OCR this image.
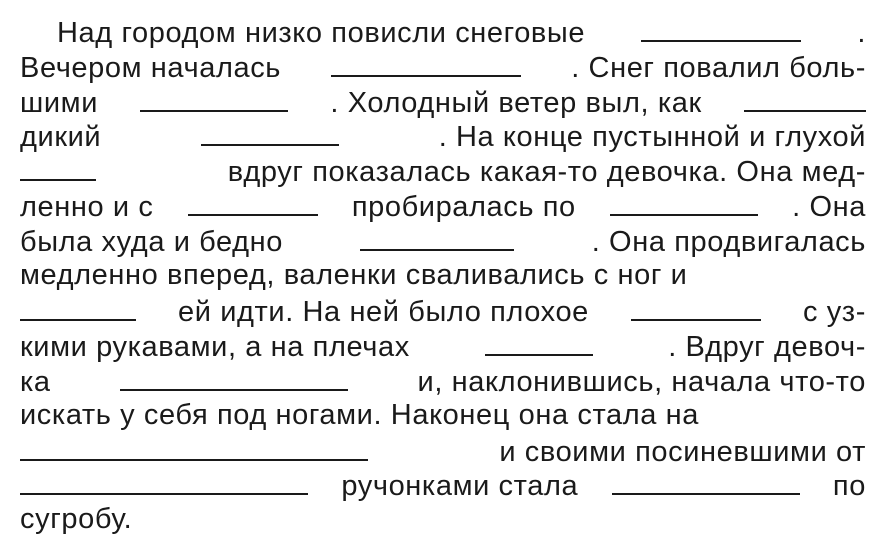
Над городом низко повисли снеговые	.
Вечером началась	. Снег повалил боль-
шими	. Холодный ветер выл, как
дикий	. На конце пустынной и глухой
вдруг показалась какая-то девочка. Она мед-
ленно и с	пробиралась по	. Она
была худа и бедно	. Она продвигалась
медленно вперед, валенки сваливались с ног и
ей идти. На ней было плохое	с уз-
кими рукавами, а на плечах	. Вдруг девоч-
ка	и, наклонившись, начала что-то
искать у себя под ногами. Наконец она стала на
и своими посиневшими от
ручонками стала	по
сугробу.
